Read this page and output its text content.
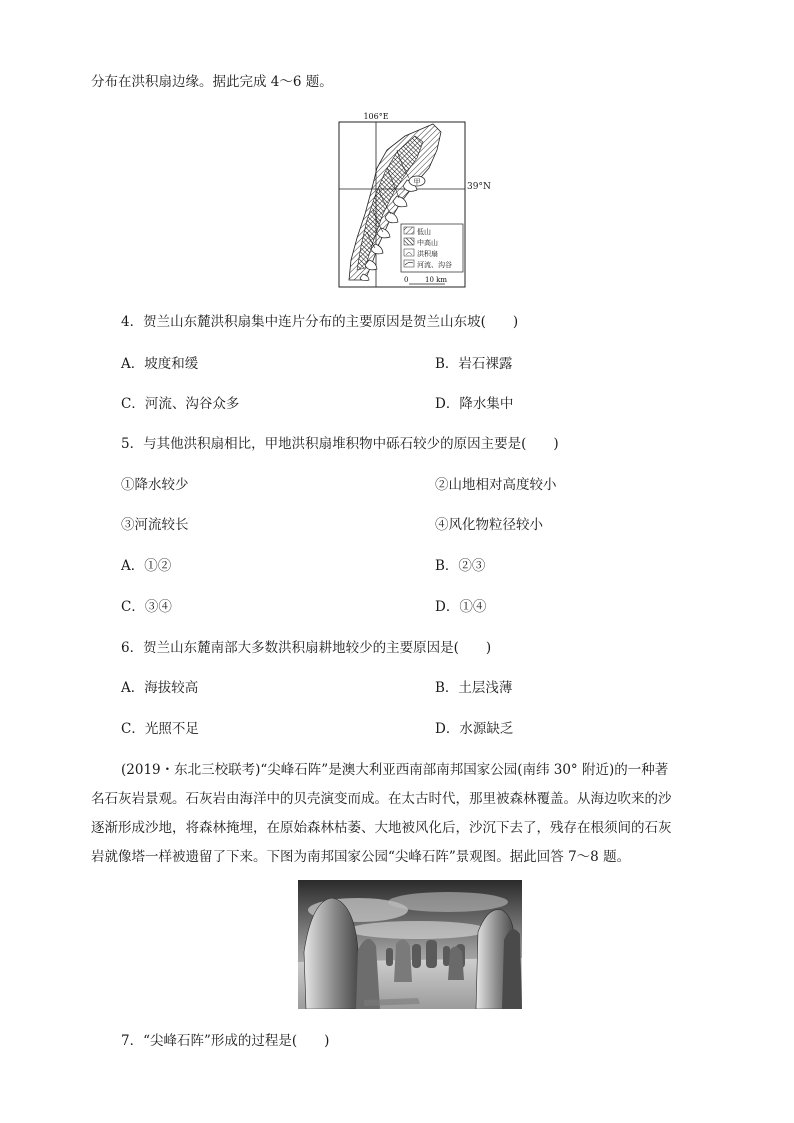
分布在洪积扇边缘。据此完成 4～6 题。
甲
106°E
低山
中高山
洪积扇
河流、沟谷
0 10 km
39°N
4．贺兰山东麓洪积扇集中连片分布的主要原因是贺兰山东坡(　　)
A．坡度和缓	B．岩石裸露
C．河流、沟谷众多	D．降水集中
5．与其他洪积扇相比，甲地洪积扇堆积物中砾石较少的原因主要是(　　)
①降水较少	②山地相对高度较小
③河流较长	④风化物粒径较小
A．①②	B．②③
C．③④	D．①④
6．贺兰山东麓南部大多数洪积扇耕地较少的主要原因是(　　)
A．海拔较高	B．土层浅薄
C．光照不足	D．水源缺乏
(2019・东北三校联考)“尖峰石阵”是澳大利亚西南部南邦国家公园(南纬 30° 附近)的一种著
名石灰岩景观。石灰岩由海洋中的贝壳演变而成。在太古时代，那里被森林覆盖。从海边吹来的沙
逐渐形成沙地，将森林掩埋，在原始森林枯萎、大地被风化后，沙沉下去了，残存在根须间的石灰
岩就像塔一样被遗留了下来。下图为南邦国家公园“尖峰石阵”景观图。据此回答 7～8 题。
7．“尖峰石阵”形成的过程是(　　)
